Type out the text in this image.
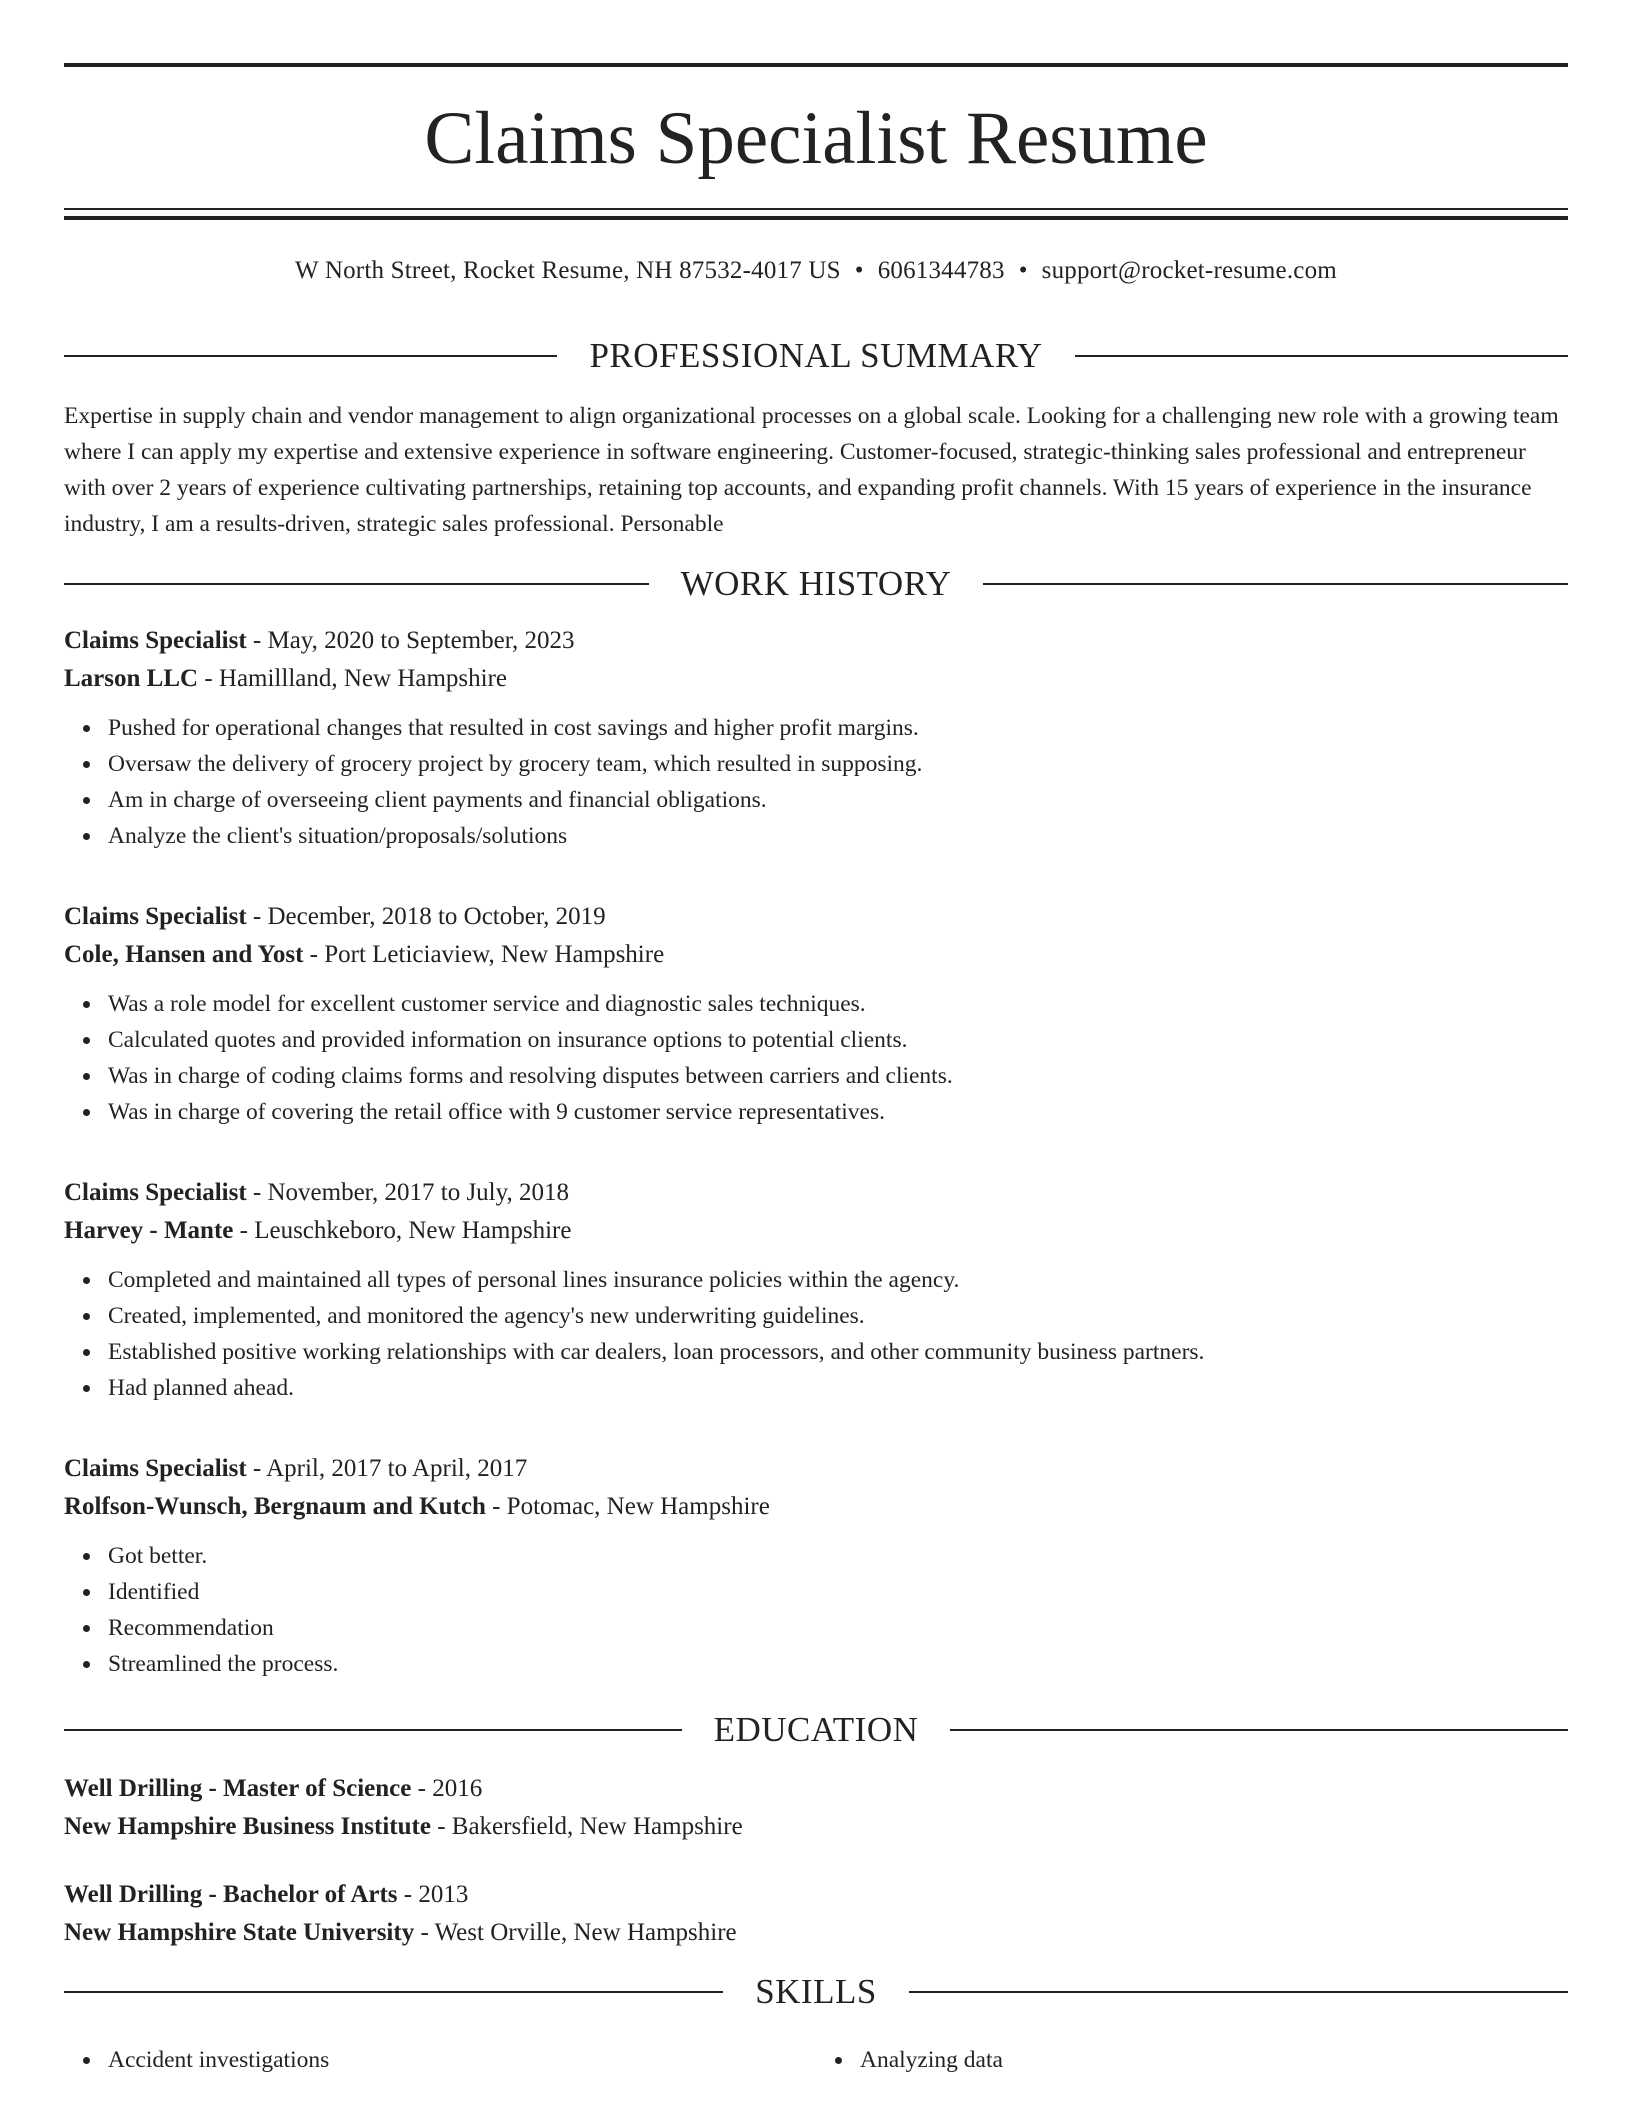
Claims Specialist Resume
W North Street, Rocket Resume, NH 87532-4017 US • 6061344783 • support@rocket-resume.com
PROFESSIONAL SUMMARY

Expertise in supply chain and vendor management to align organizational processes on a global scale. Looking for a challenging new role with a growing team where I can apply my expertise and extensive experience in software engineering. Customer-focused, strategic-thinking sales professional and entrepreneur with over 2 years of experience cultivating partnerships, retaining top accounts, and expanding profit channels. With 15 years of experience in the insurance industry, I am a results-driven, strategic sales professional. Personable

WORK HISTORY
Claims Specialist - May, 2020 to September, 2023
Larson LLC - Hamillland, New Hampshire
Pushed for operational changes that resulted in cost savings and higher profit margins.
Oversaw the delivery of grocery project by grocery team, which resulted in supposing.
Am in charge of overseeing client payments and financial obligations.
Analyze the client's situation/proposals/solutions
Claims Specialist - December, 2018 to October, 2019
Cole, Hansen and Yost - Port Leticiaview, New Hampshire
Was a role model for excellent customer service and diagnostic sales techniques.
Calculated quotes and provided information on insurance options to potential clients.
Was in charge of coding claims forms and resolving disputes between carriers and clients.
Was in charge of covering the retail office with 9 customer service representatives.
Claims Specialist - November, 2017 to July, 2018
Harvey - Mante - Leuschkeboro, New Hampshire
Completed and maintained all types of personal lines insurance policies within the agency.
Created, implemented, and monitored the agency's new underwriting guidelines.
Established positive working relationships with car dealers, loan processors, and other community business partners.
Had planned ahead.
Claims Specialist - April, 2017 to April, 2017
Rolfson-Wunsch, Bergnaum and Kutch - Potomac, New Hampshire
Got better.
Identified
Recommendation
Streamlined the process.
EDUCATION
Well Drilling - Master of Science - 2016
New Hampshire Business Institute - Bakersfield, New Hampshire
Well Drilling - Bachelor of Arts - 2013
New Hampshire State University - West Orville, New Hampshire
SKILLS
Accident investigations	Analyzing data
